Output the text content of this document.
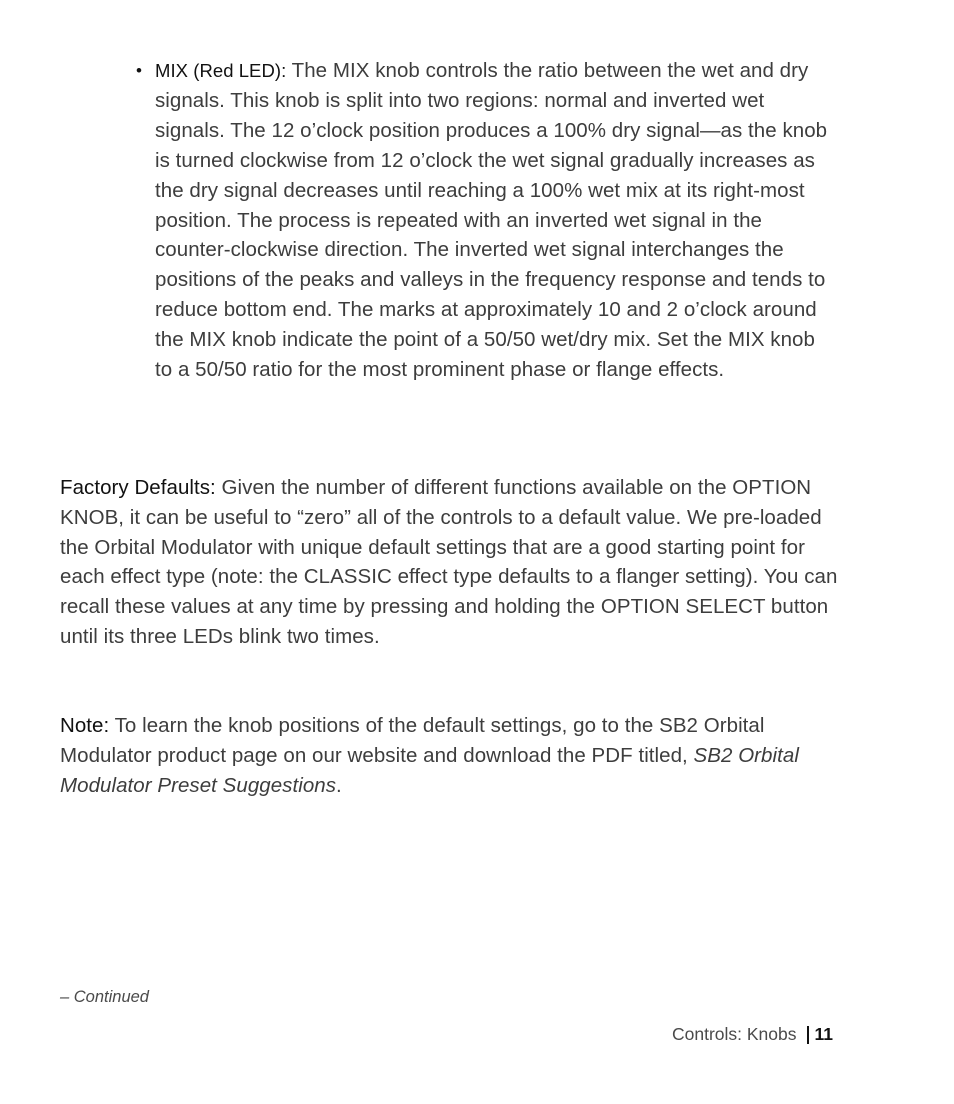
• MIX (Red LED): The MIX knob controls the ratio between the wet and dry signals. This knob is split into two regions: normal and inverted wet signals. The 12 o’clock position produces a 100% dry signal—as the knob is turned clockwise from 12 o’clock the wet signal gradually increases as the dry signal decreases until reaching a 100% wet mix at its right-most position. The process is repeated with an inverted wet signal in the counter-clockwise direction. The inverted wet signal interchanges the positions of the peaks and valleys in the frequency response and tends to reduce bottom end. The marks at approximately 10 and 2 o’clock around the MIX knob indicate the point of a 50/50 wet/dry mix. Set the MIX knob to a 50/50 ratio for the most prominent phase or flange effects.

Factory Defaults: Given the number of different functions available on the OPTION KNOB, it can be useful to “zero” all of the controls to a default value. We pre-loaded the Orbital Modulator with unique default settings that are a good starting point for each effect type (note: the CLASSIC effect type defaults to a flanger setting). You can recall these values at any time by pressing and holding the OPTION SELECT button until its three LEDs blink two times.

Note: To learn the knob positions of the default settings, go to the SB2 Orbital Modulator product page on our website and download the PDF titled, SB2 Orbital Modulator Preset Suggestions.

– Continued
Controls: Knobs 11
